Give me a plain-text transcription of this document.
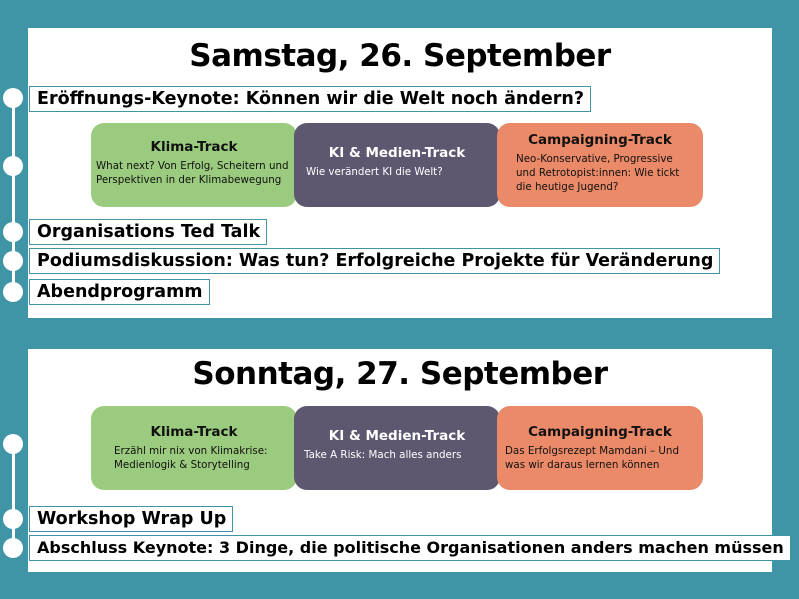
Samstag, 26. September
Klima-Track
What next? Von Erfolg, Scheitern und
Perspektiven in der Klimabewegung
KI & Medien-Track
Wie verändert KI die Welt?
Campaigning-Track
Neo-Konservative, Progressive
und Retrotopist:innen: Wie tickt
die heutige Jugend?
Eröffnungs-Keynote: Können wir die Welt noch ändern?
Organisations Ted Talk
Podiumsdiskussion: Was tun? Erfolgreiche Projekte für Veränderung
Abendprogramm
Sonntag, 27. September
Klima-Track
Erzähl mir nix von Klimakrise:
Medienlogik & Storytelling
KI & Medien-Track
Take A Risk: Mach alles anders
Campaigning-Track
Das Erfolgsrezept Mamdani – Und
was wir daraus lernen können
Workshop Wrap Up
Abschluss Keynote: 3 Dinge, die politische Organisationen anders machen müssen
